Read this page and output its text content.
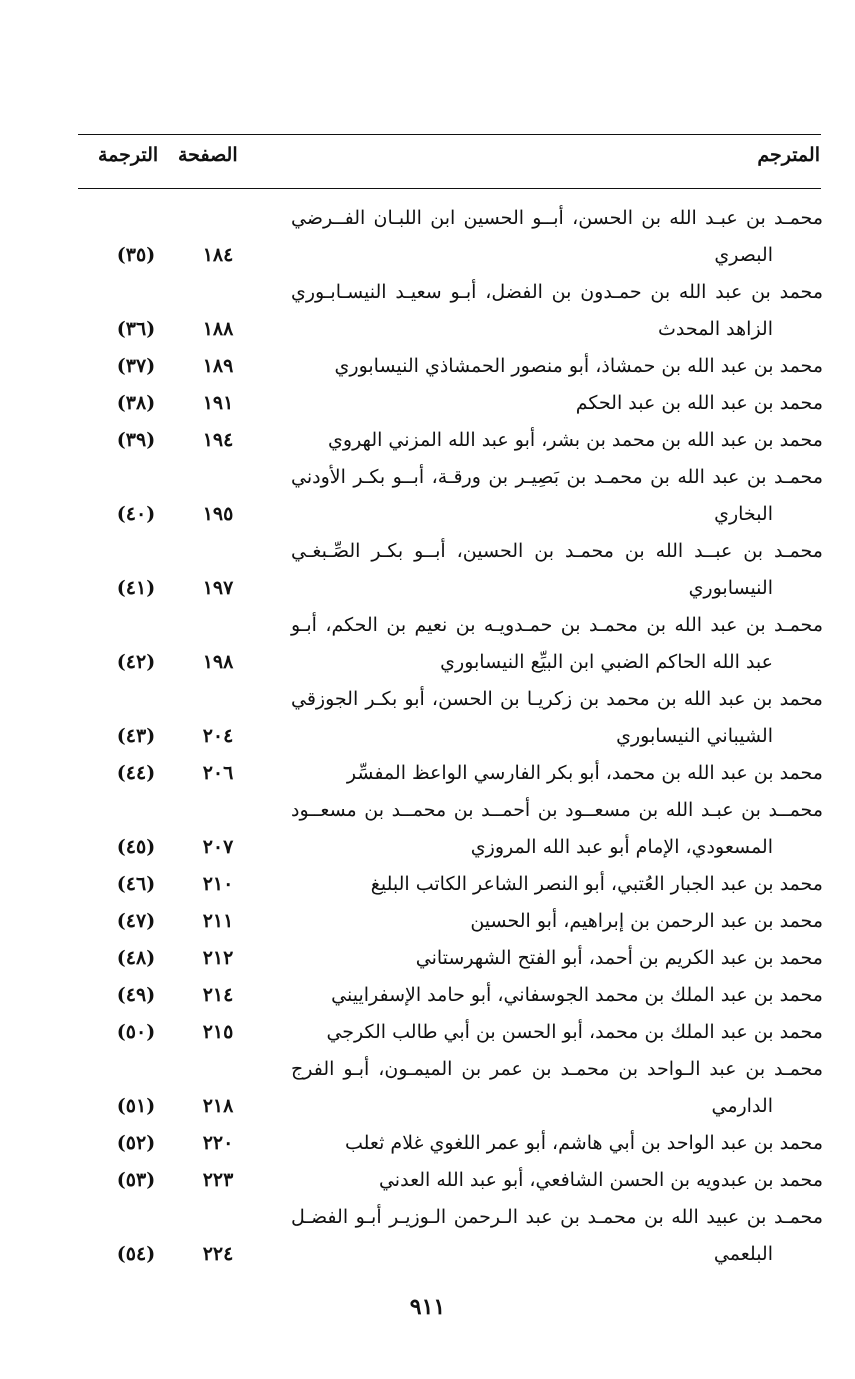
المترجم
الصفحة
الترجمة
محمـد بن عبـد الله بن الحسن، أبــو الحسين ابن اللبـان الفــرضي
البصري
١٨٤
(٣٥)
محمد بن عبد الله بن حمـدون بن الفضل، أبـو سعيـد النيسـابـوري
الزاهد المحدث
١٨٨
(٣٦)
محمد بن عبد الله بن حمشاذ، أبو منصور الحمشاذي النيسابوري
١٨٩
(٣٧)
محمد بن عبد الله بن عبد الحكم
١٩١
(٣٨)
محمد بن عبد الله بن محمد بن بشر، أبو عبد الله المزني الهروي
١٩٤
(٣٩)
محمـد بن عبد الله بن محمـد بن بَصِيـر بن ورقـة، أبــو بكـر الأودني
البخاري
١٩٥
(٤٠)
محمـد بن عبــد الله بن محمـد بن الحسين، أبــو بكـر الصِّـبغـي
النيسابوري
١٩٧
(٤١)
محمـد بن عبد الله بن محمـد بن حمـدويـه بن نعيم بن الحكم، أبـو
عبد الله الحاكم الضبي ابن البيِّع النيسابوري
١٩٨
(٤٢)
محمد بن عبد الله بن محمد بن زكريـا بن الحسن، أبو بكـر الجوزقي
الشيباني النيسابوري
٢٠٤
(٤٣)
محمد بن عبد الله بن محمد، أبو بكر الفارسي الواعظ المفسِّر
٢٠٦
(٤٤)
محمــد بن عبـد الله بن مسعــود بن أحمــد بن محمــد بن مسعــود
المسعودي، الإمام أبو عبد الله المروزي
٢٠٧
(٤٥)
محمد بن عبد الجبار العُتبي، أبو النصر الشاعر الكاتب البليغ
٢١٠
(٤٦)
محمد بن عبد الرحمن بن إبراهيم، أبو الحسين
٢١١
(٤٧)
محمد بن عبد الكريم بن أحمد، أبو الفتح الشهرستاني
٢١٢
(٤٨)
محمد بن عبد الملك بن محمد الجوسفاني، أبو حامد الإسفراييني
٢١٤
(٤٩)
محمد بن عبد الملك بن محمد، أبو الحسن بن أبي طالب الكرجي
٢١٥
(٥٠)
محمـد بن عبد الـواحد بن محمـد بن عمر بن الميمـون، أبـو الفرج
الدارمي
٢١٨
(٥١)
محمد بن عبد الواحد بن أبي هاشم، أبو عمر اللغوي غلام ثعلب
٢٢٠
(٥٢)
محمد بن عبدويه بن الحسن الشافعي، أبو عبد الله العدني
٢٢٣
(٥٣)
محمـد بن عبيد الله بن محمـد بن عبد الـرحمن الـوزيـر أبـو الفضـل
البلعمي
٢٢٤
(٥٤)
٩١١
